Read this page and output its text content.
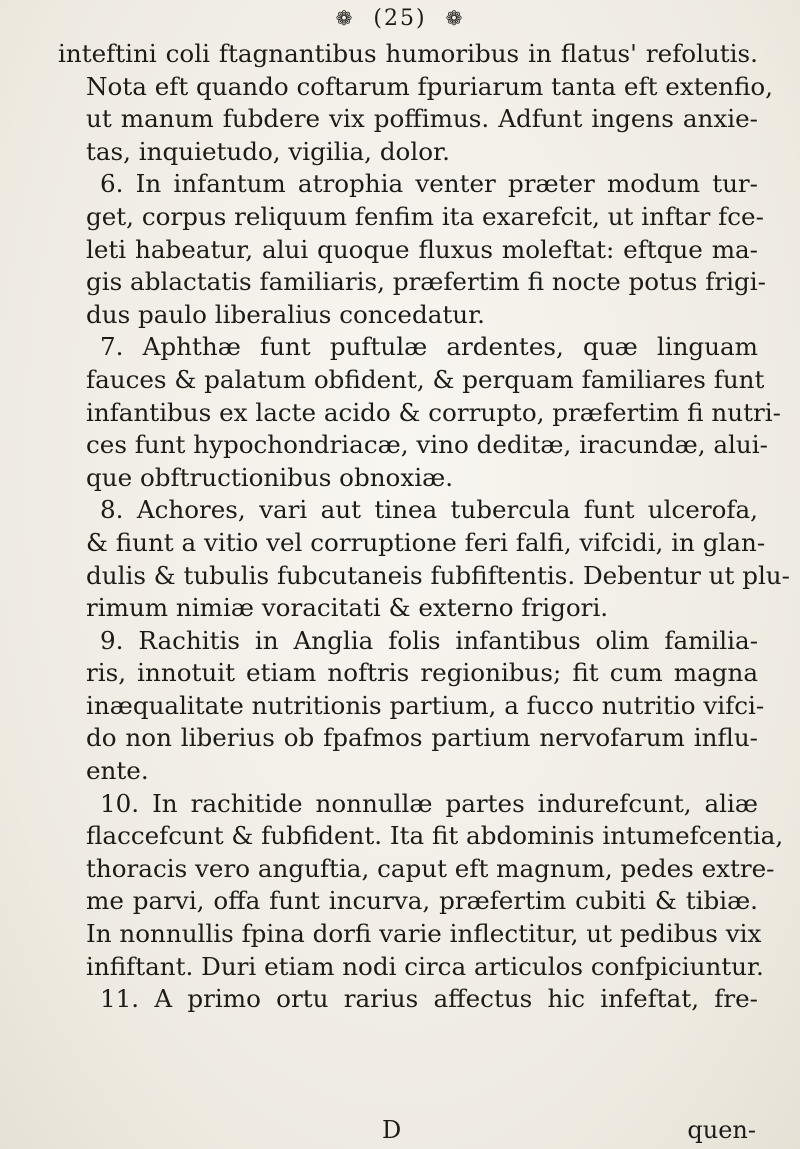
❁ (25) ❁
inteftini coli ftagnantibus humoribus in flatus' refolutis.
Nota eft quando coftarum fpuriarum tanta eft extenfio,
ut manum fubdere vix poffimus. Adfunt ingens anxie-
tas, inquietudo, vigilia, dolor.
6. In infantum atrophia venter præter modum tur-
get, corpus reliquum fenfim ita exarefcit, ut inftar fce-
leti habeatur, alui quoque fluxus moleftat: eftque ma-
gis ablactatis familiaris, præfertim fi nocte potus frigi-
dus paulo liberalius concedatur.
7. Aphthæ funt puftulæ ardentes, quæ linguam
fauces & palatum obfident, & perquam familiares funt
infantibus ex lacte acido & corrupto, præfertim fi nutri-
ces funt hypochondriacæ, vino deditæ, iracundæ, alui-
que obftructionibus obnoxiæ.
8. Achores, vari aut tinea tubercula funt ulcerofa,
& fiunt a vitio vel corruptione feri falfi, vifcidi, in glan-
dulis & tubulis fubcutaneis fubfiftentis. Debentur ut plu-
rimum nimiæ voracitati & externo frigori.
9. Rachitis in Anglia folis infantibus olim familia-
ris, innotuit etiam noftris regionibus; fit cum magna
inæqualitate nutritionis partium, a fucco nutritio vifci-
do non liberius ob fpafmos partium nervofarum influ-
ente.
10. In rachitide nonnullæ partes indurefcunt, aliæ
flaccefcunt & fubfident. Ita fit abdominis intumefcentia,
thoracis vero anguftia, caput eft magnum, pedes extre-
me parvi, offa funt incurva, præfertim cubiti & tibiæ.
In nonnullis fpina dorfi varie inflectitur, ut pedibus vix
infiftant. Duri etiam nodi circa articulos confpiciuntur.
11. A primo ortu rarius affectus hic infeftat, fre-
D	quen-
